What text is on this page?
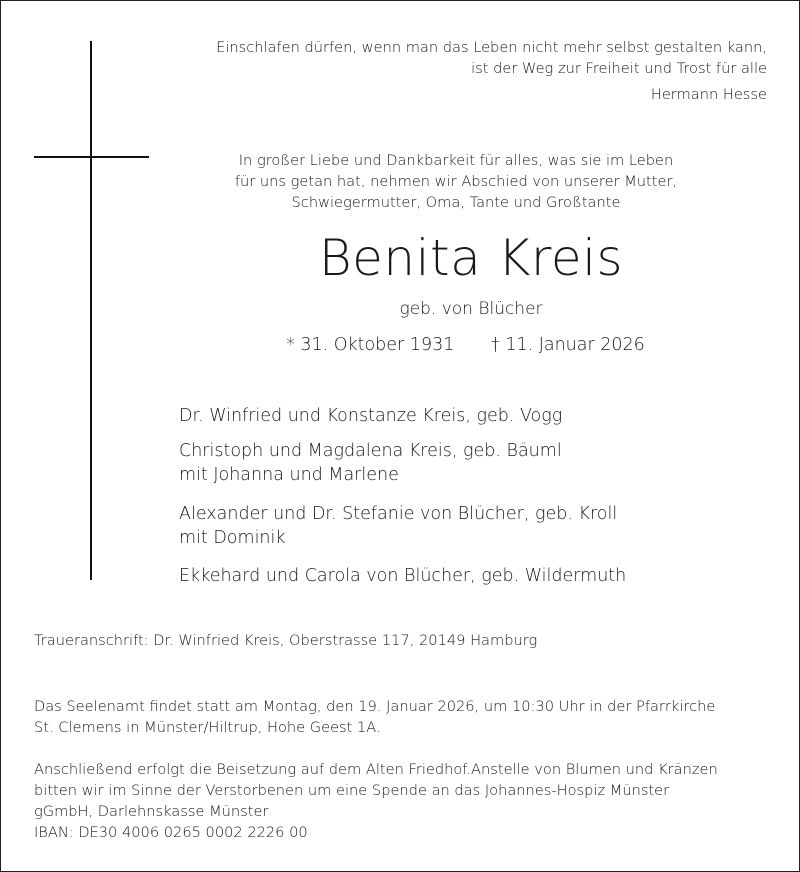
Einschlafen dürfen, wenn man das Leben nicht mehr selbst gestalten kann,
ist der Weg zur Freiheit und Trost für alle
Hermann Hesse
In großer Liebe und Dankbarkeit für alles, was sie im Leben
für uns getan hat, nehmen wir Abschied von unserer Mutter,
Schwiegermutter, Oma, Tante und Großtante
Benita Kreis
geb. von Blücher
* 31. Oktober 1931 † 11. Januar 2026
Dr. Winfried und Konstanze Kreis, geb. Vogg
Christoph und Magdalena Kreis, geb. Bäuml
mit Johanna und Marlene
Alexander und Dr. Stefanie von Blücher, geb. Kroll
mit Dominik
Ekkehard und Carola von Blücher, geb. Wildermuth
Traueranschrift: Dr. Winfried Kreis, Oberstrasse 117, 20149 Hamburg
Das Seelenamt findet statt am Montag, den 19. Januar 2026, um 10:30 Uhr in der Pfarrkirche
St. Clemens in Münster/Hiltrup, Hohe Geest 1A.
Anschließend erfolgt die Beisetzung auf dem Alten Friedhof.Anstelle von Blumen und Kränzen
bitten wir im Sinne der Verstorbenen um eine Spende an das Johannes-Hospiz Münster
gGmbH, Darlehnskasse Münster
IBAN: DE30 4006 0265 0002 2226 00
